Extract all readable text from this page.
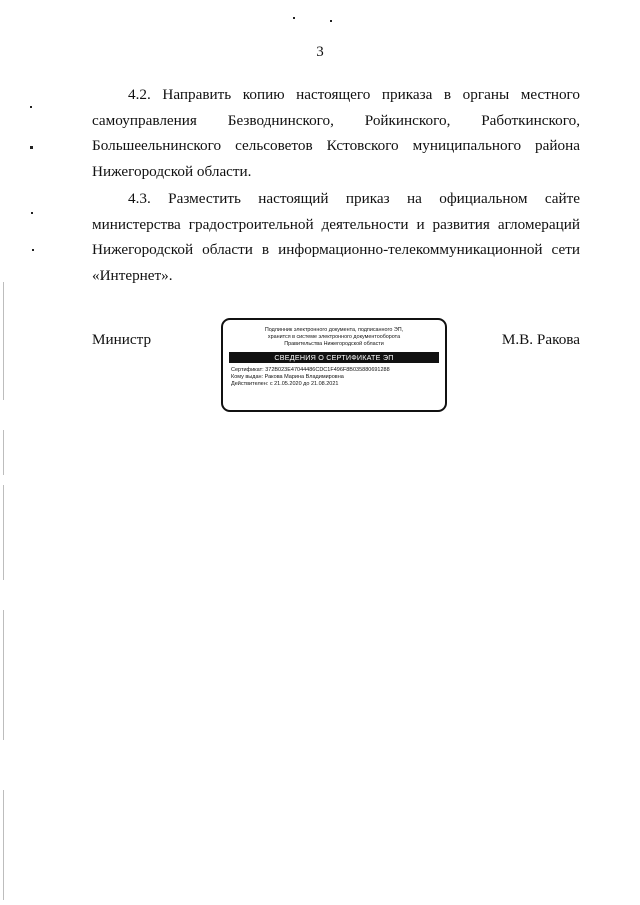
3

4.2. Направить копию настоящего приказа в органы местного самоуправления Безводнинского, Ройкинского, Работкинского, Большеельнинского сельсоветов Кстовского муниципального района Нижегородской области.

4.3. Разместить настоящий приказ на официальном сайте министерства градостроительной деятельности и развития агломераций Нижегородской области в информационно-телекоммуникационной сети «Интернет».

Министр
Подлинник электронного документа, подписанного ЭП,
хранится в системе электронного документооборота
Правительства Нижегородской области
СВЕДЕНИЯ О СЕРТИФИКАТЕ ЭП
Сертификат: 372B023E47044486CDC1F496F8B035880691288
Кому выдан: Ракова Марина Владимировна
Действителен: с 21.05.2020 до 21.08.2021
М.В. Ракова
